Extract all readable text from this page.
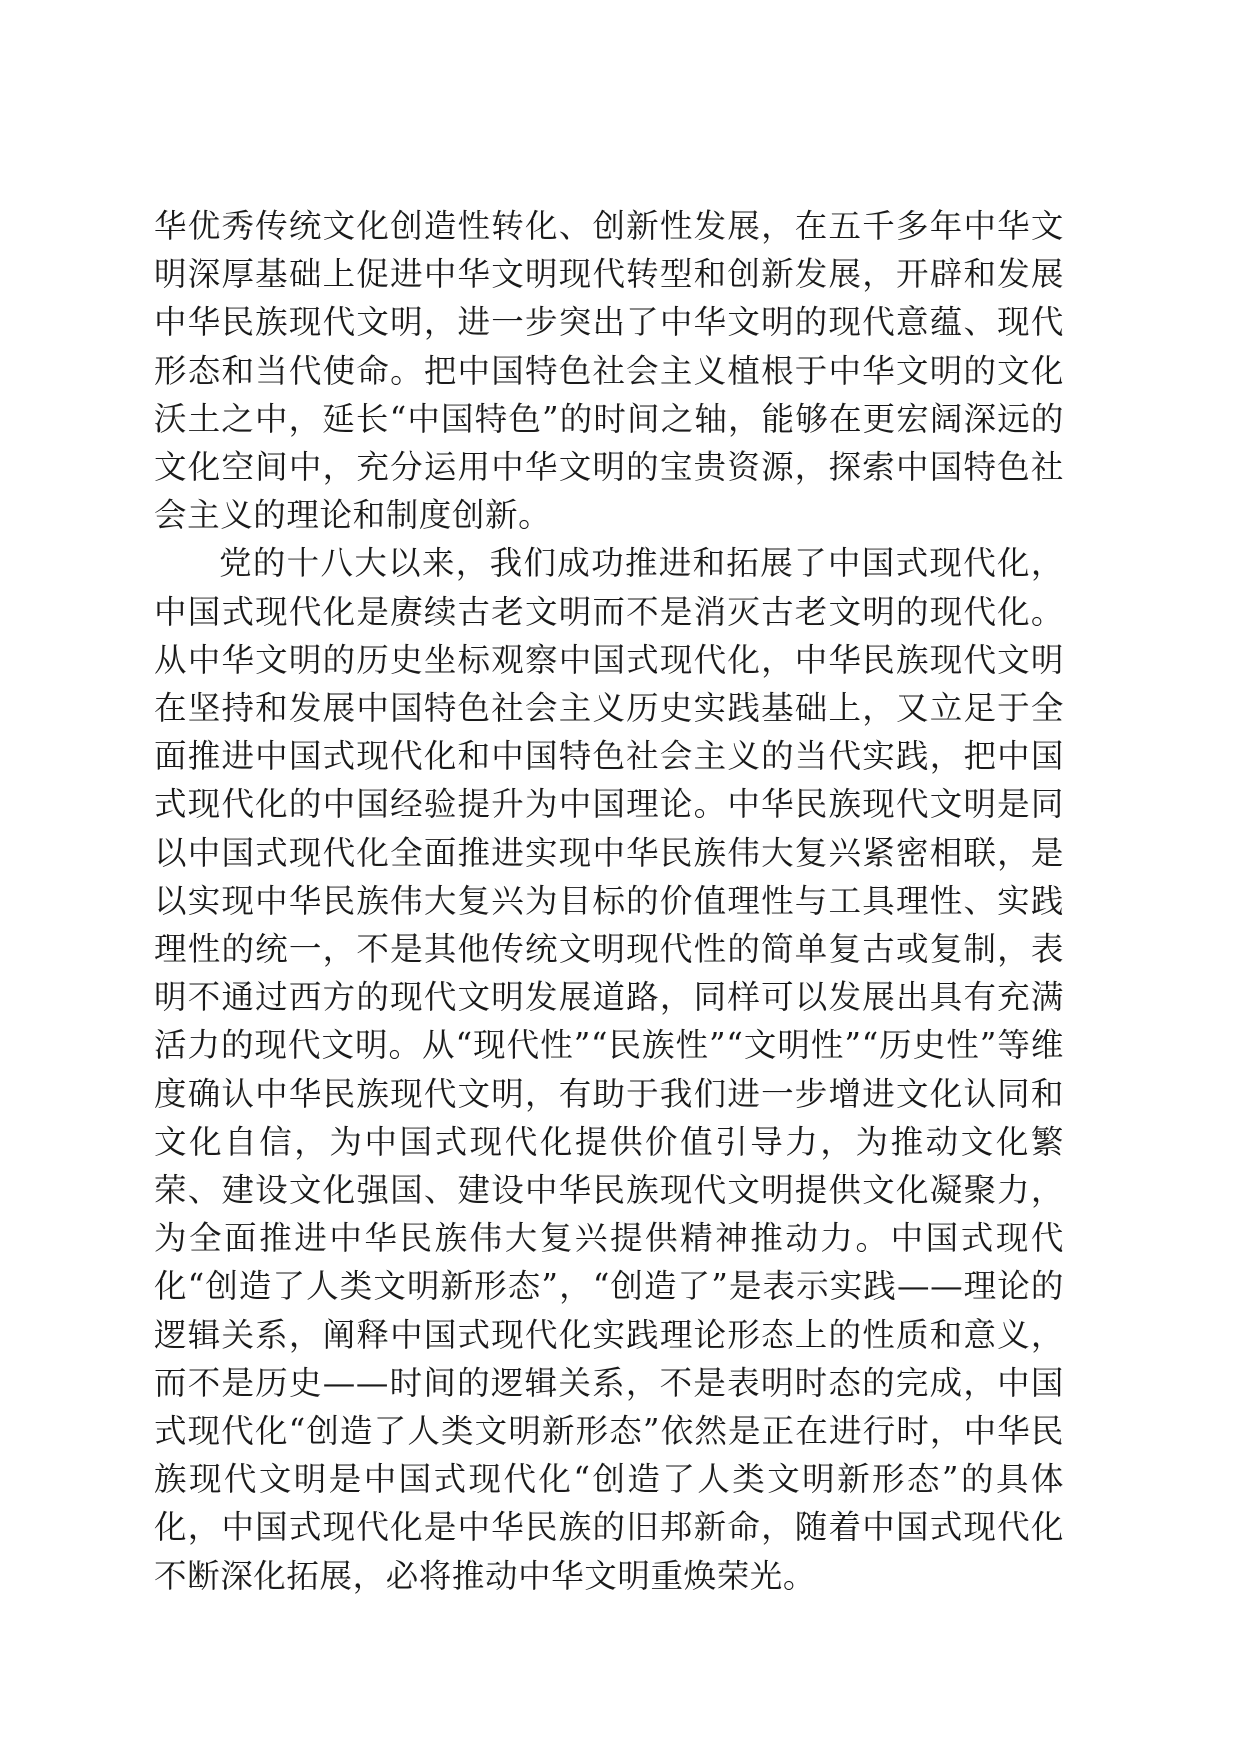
华优秀传统文化创造性转化、创新性发展，在五千多年中华文明深厚基础上促进中华文明现代转型和创新发展，开辟和发展中华民族现代文明，进一步突出了中华文明的现代意蕴、现代形态和当代使命。把中国特色社会主义植根于中华文明的文化沃土之中，延长“中国特色”的时间之轴，能够在更宏阔深远的文化空间中，充分运用中华文明的宝贵资源，探索中国特色社会主义的理论和制度创新。

党的十八大以来，我们成功推进和拓展了中国式现代化，中国式现代化是赓续古老文明而不是消灭古老文明的现代化。从中华文明的历史坐标观察中国式现代化，中华民族现代文明在坚持和发展中国特色社会主义历史实践基础上，又立足于全面推进中国式现代化和中国特色社会主义的当代实践，把中国式现代化的中国经验提升为中国理论。中华民族现代文明是同以中国式现代化全面推进实现中华民族伟大复兴紧密相联，是以实现中华民族伟大复兴为目标的价值理性与工具理性、实践理性的统一，不是其他传统文明现代性的简单复古或复制，表明不通过西方的现代文明发展道路，同样可以发展出具有充满活力的现代文明。从“现代性”“民族性”“文明性”“历史性”等维度确认中华民族现代文明，有助于我们进一步增进文化认同和文化自信，为中国式现代化提供价值引导力，为推动文化繁荣、建设文化强国、建设中华民族现代文明提供文化凝聚力，为全面推进中华民族伟大复兴提供精神推动力。中国式现代化“创造了人类文明新形态”，“创造了”是表示实践——理论的逻辑关系，阐释中国式现代化实践理论形态上的性质和意义，而不是历史——时间的逻辑关系，不是表明时态的完成，中国式现代化“创造了人类文明新形态”依然是正在进行时，中华民族现代文明是中国式现代化“创造了人类文明新形态”的具体化，中国式现代化是中华民族的旧邦新命，随着中国式现代化不断深化拓展，必将推动中华文明重焕荣光。
